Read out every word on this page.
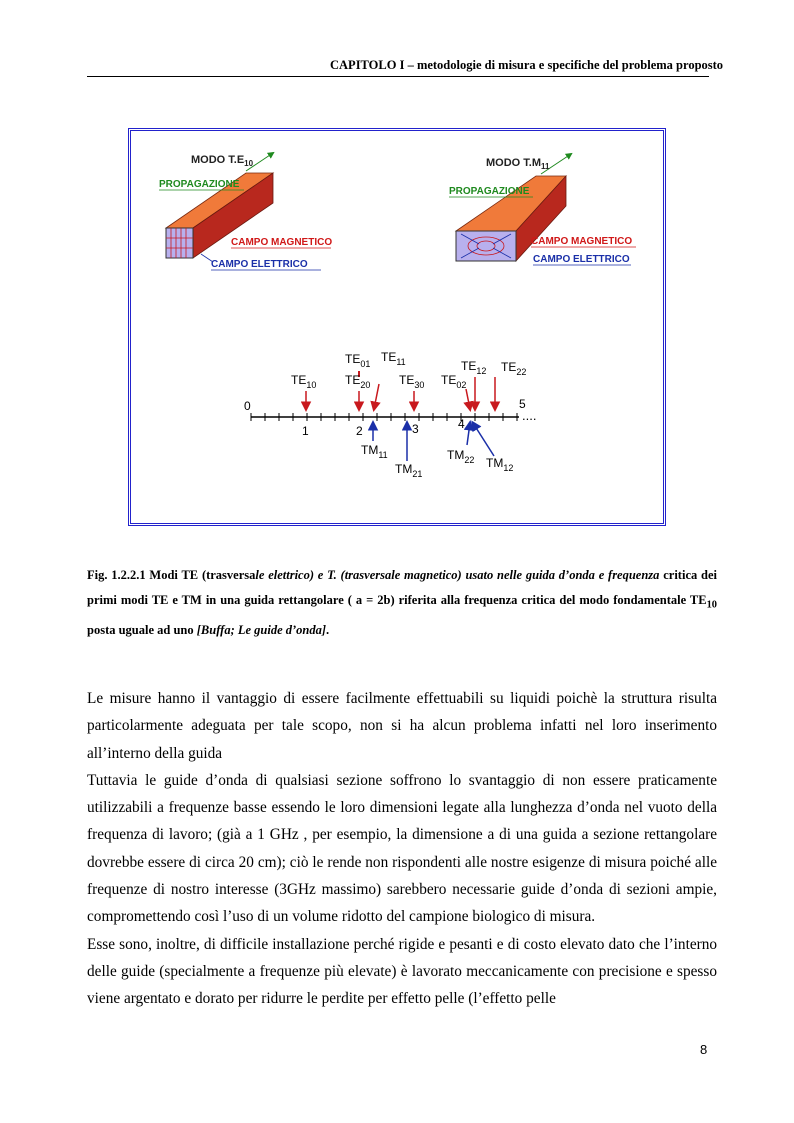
CAPITOLO I – metodologie di misura e specifiche del problema proposto
MODO $T.E_{10}$
PROPAGAZIONE
CAMPO MAGNETICO
CAMPO ELETTRICO
MODO $T.M_{11}$
PROPAGAZIONE
CAMPO MAGNETICO
CAMPO ELETTRICO
....
0
1	2	3	4
5
$TE_{10}$
$TE_{01}$
$TE_{20}$
$TE_{11}$
$TE_{30}$ $TE_{02}$
$TE_{12}$ $TE_{22}$
$TM_{11}$
$TM_{21}$
$TM_{22}$ $TM_{12}$
Fig. 1.2.2.1 Modi TE (trasversale elettrico) e T. (trasversale magnetico) usato nelle guida d’onda e frequenza critica dei primi modi TE e TM in una guida rettangolare ( a = 2b) riferita alla frequenza critica del modo fondamentale $TE_{10}$ posta uguale ad uno [Buffa; Le guide d’onda].

Le misure hanno il vantaggio di essere facilmente effettuabili su liquidi poichè la struttura risulta particolarmente adeguata per tale scopo, non si ha alcun problema infatti nel loro inserimento all’interno della guida

Tuttavia le guide d’onda di qualsiasi sezione soffrono lo svantaggio di non essere praticamente utilizzabili a frequenze basse essendo le loro dimensioni legate alla lunghezza d’onda nel vuoto della frequenza di lavoro; (già a 1 GHz , per esempio, la dimensione a di una guida a sezione rettangolare dovrebbe essere di circa 20 cm); ciò le rende non rispondenti alle nostre esigenze di misura poiché alle frequenze di nostro interesse (3GHz massimo) sarebbero necessarie guide d’onda di sezioni ampie, compromettendo così l’uso di un volume ridotto del campione biologico di misura.

Esse sono, inoltre, di difficile installazione perché rigide e pesanti e di costo elevato dato che l’interno delle guide (specialmente a frequenze più elevate) è lavorato meccanicamente con precisione e spesso viene argentato e dorato per ridurre le perdite per effetto pelle (l’effetto pelle

8
